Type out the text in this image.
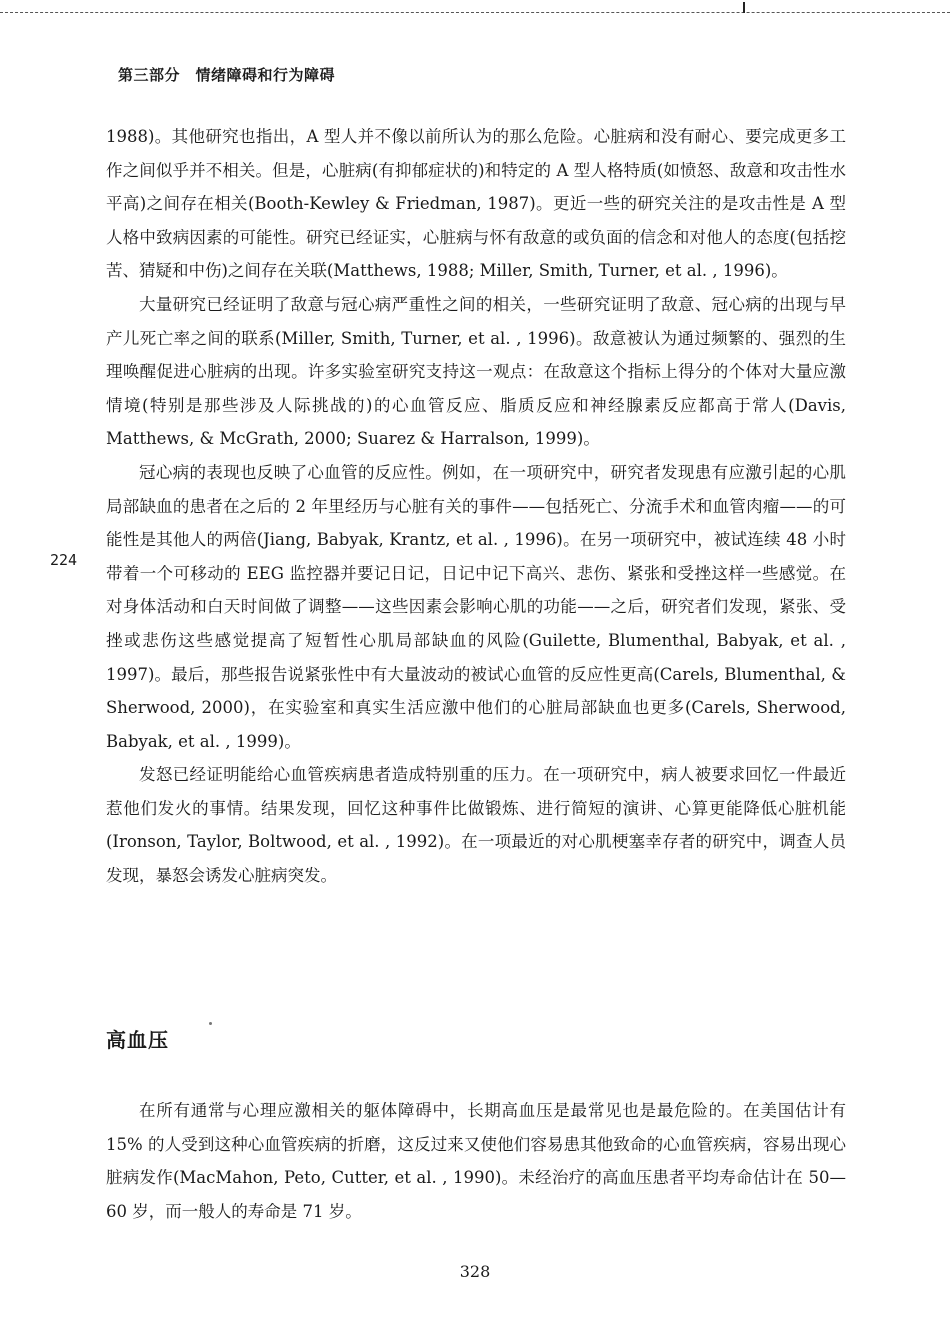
第三部分　情绪障碍和行为障碍
224

1988)。其他研究也指出，A 型人并不像以前所认为的那么危险。心脏病和没有耐心、要完成更多工作之间似乎并不相关。但是，心脏病(有抑郁症状的)和特定的 A 型人格特质(如愤怒、敌意和攻击性水平高)之间存在相关(Booth-Kewley & Friedman, 1987)。更近一些的研究关注的是攻击性是 A 型人格中致病因素的可能性。研究已经证实，心脏病与怀有敌意的或负面的信念和对他人的态度(包括挖苦、猜疑和中伤)之间存在关联(Matthews, 1988; Miller, Smith, Turner, et al. , 1996)。

大量研究已经证明了敌意与冠心病严重性之间的相关，一些研究证明了敌意、冠心病的出现与早产儿死亡率之间的联系(Miller, Smith, Turner, et al. , 1996)。敌意被认为通过频繁的、强烈的生理唤醒促进心脏病的出现。许多实验室研究支持这一观点：在敌意这个指标上得分的个体对大量应激情境(特别是那些涉及人际挑战的)的心血管反应、脂质反应和神经腺素反应都高于常人(Davis, Matthews, & McGrath, 2000; Suarez & Harralson, 1999)。

冠心病的表现也反映了心血管的反应性。例如，在一项研究中，研究者发现患有应激引起的心肌局部缺血的患者在之后的 2 年里经历与心脏有关的事件——包括死亡、分流手术和血管肉瘤——的可能性是其他人的两倍(Jiang, Babyak, Krantz, et al. , 1996)。在另一项研究中，被试连续 48 小时带着一个可移动的 EEG 监控器并要记日记，日记中记下高兴、悲伤、紧张和受挫这样一些感觉。在对身体活动和白天时间做了调整——这些因素会影响心肌的功能——之后，研究者们发现，紧张、受挫或悲伤这些感觉提高了短暂性心肌局部缺血的风险(Guilette, Blumenthal, Babyak, et al. , 1997)。最后，那些报告说紧张性中有大量波动的被试心血管的反应性更高(Carels, Blumenthal, & Sherwood, 2000)，在实验室和真实生活应激中他们的心脏局部缺血也更多(Carels, Sherwood, Babyak, et al. , 1999)。

发怒已经证明能给心血管疾病患者造成特别重的压力。在一项研究中，病人被要求回忆一件最近惹他们发火的事情。结果发现，回忆这种事件比做锻炼、进行简短的演讲、心算更能降低心脏机能(Ironson, Taylor, Boltwood, et al. , 1992)。在一项最近的对心肌梗塞幸存者的研究中，调查人员发现，暴怒会诱发心脏病突发。

高血压

在所有通常与心理应激相关的躯体障碍中，长期高血压是最常见也是最危险的。在美国估计有 15% 的人受到这种心血管疾病的折磨，这反过来又使他们容易患其他致命的心血管疾病，容易出现心脏病发作(MacMahon, Peto, Cutter, et al. , 1990)。未经治疗的高血压患者平均寿命估计在 50—60 岁，而一般人的寿命是 71 岁。

328
